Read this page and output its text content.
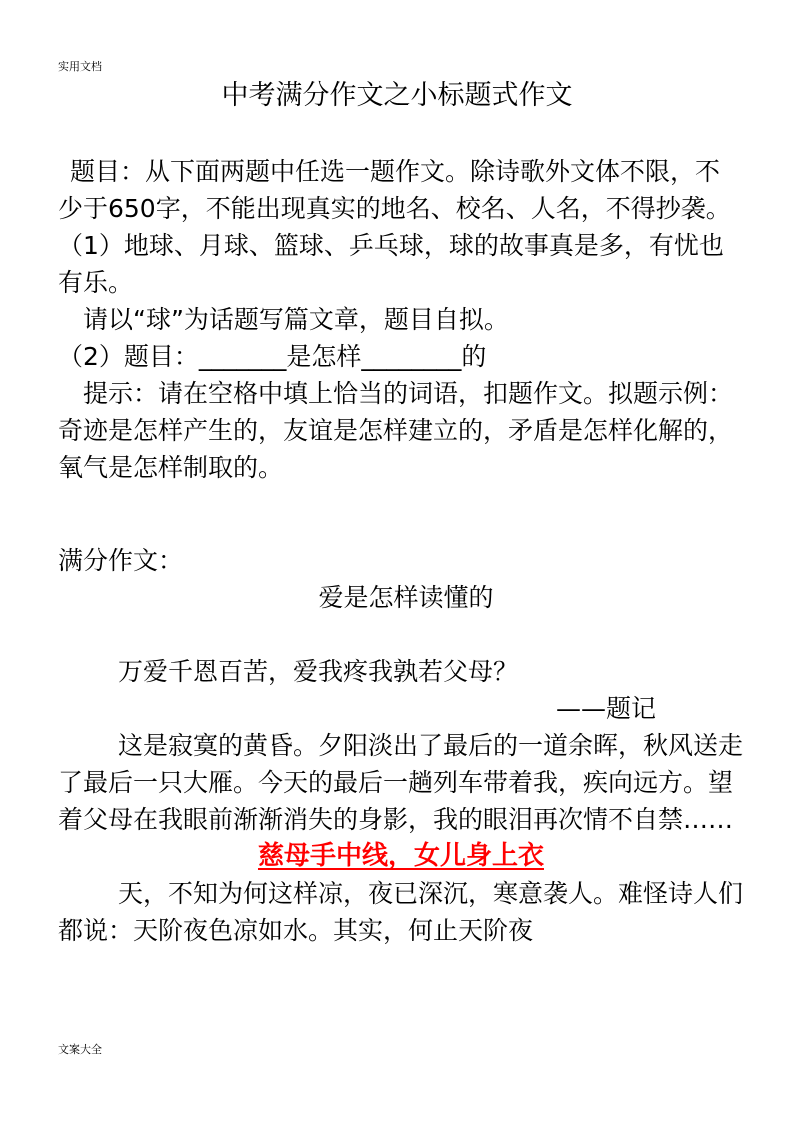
实用文档
中考满分作文之小标题式作文

题目：从下面两题中任选一题作文。除诗歌外文体不限，不少于650字，不能出现真实的地名、校名、人名，不得抄袭。

（1）地球、月球、篮球、乒乓球，球的故事真是多，有忧也有乐。

请以“球”为话题写篇文章，题目自拟。

（2）题目：_______是怎样________的

提示：请在空格中填上恰当的词语，扣题作文。拟题示例：奇迹是怎样产生的，友谊是怎样建立的，矛盾是怎样化解的，氧气是怎样制取的。

满分作文：

爱是怎样读懂的

万爱千恩百苦，爱我疼我孰若父母？

——题记

这是寂寞的黄昏。夕阳淡出了最后的一道余晖，秋风送走了最后一只大雁。今天的最后一趟列车带着我，疾向远方。望着父母在我眼前渐渐消失的身影，我的眼泪再次情不自禁……

慈母手中线，女儿身上衣

天，不知为何这样凉，夜已深沉，寒意袭人。难怪诗人们都说：天阶夜色凉如水。其实，何止天阶夜

文案大全
